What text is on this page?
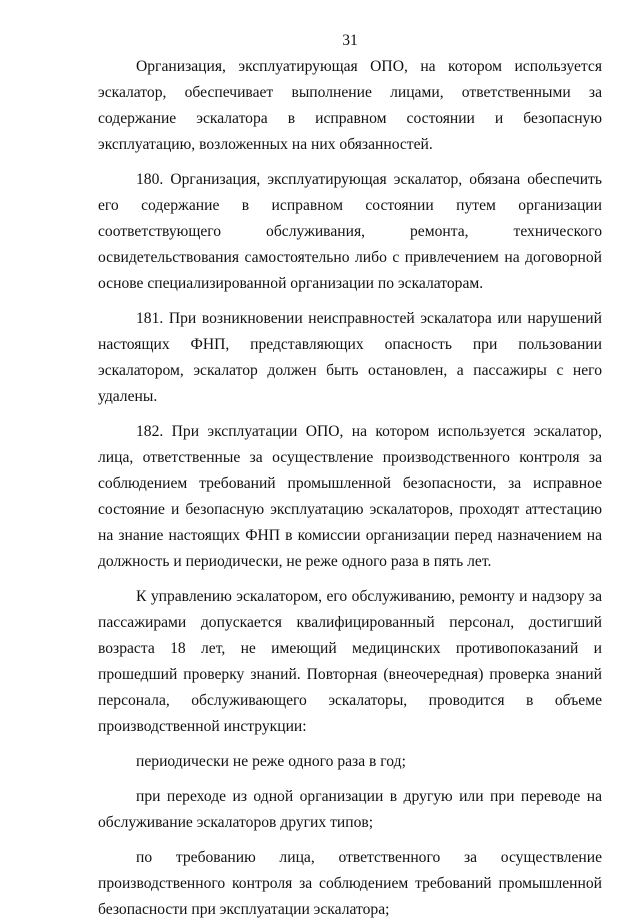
31

Организация, эксплуатирующая ОПО, на котором используется эскалатор, обеспечивает выполнение лицами, ответственными за содержание эскалатора в исправном состоянии и безопасную эксплуатацию, возложенных на них обязанностей.

180. Организация, эксплуатирующая эскалатор, обязана обеспечить его содержание в исправном состоянии путем организации соответствующего обслуживания, ремонта, технического освидетельствования самостоятельно либо с привлечением на договорной основе специализированной организации по эскалаторам.

181. При возникновении неисправностей эскалатора или нарушений настоящих ФНП, представляющих опасность при пользовании эскалатором, эскалатор должен быть остановлен, а пассажиры с него удалены.

182. При эксплуатации ОПО, на котором используется эскалатор, лица, ответственные за осуществление производственного контроля за соблюдением требований промышленной безопасности, за исправное состояние и безопасную эксплуатацию эскалаторов, проходят аттестацию на знание настоящих ФНП в комиссии организации перед назначением на должность и периодически, не реже одного раза в пять лет.

К управлению эскалатором, его обслуживанию, ремонту и надзору за пассажирами допускается квалифицированный персонал, достигший возраста 18 лет, не имеющий медицинских противопоказаний и прошедший проверку знаний. Повторная (внеочередная) проверка знаний персонала, обслуживающего эскалаторы, проводится в объеме производственной инструкции:

периодически не реже одного раза в год;

при переходе из одной организации в другую или при переводе на обслуживание эскалаторов других типов;

по требованию лица, ответственного за осуществление производственного контроля за соблюдением требований промышленной безопасности при эксплуатации эскалатора;
